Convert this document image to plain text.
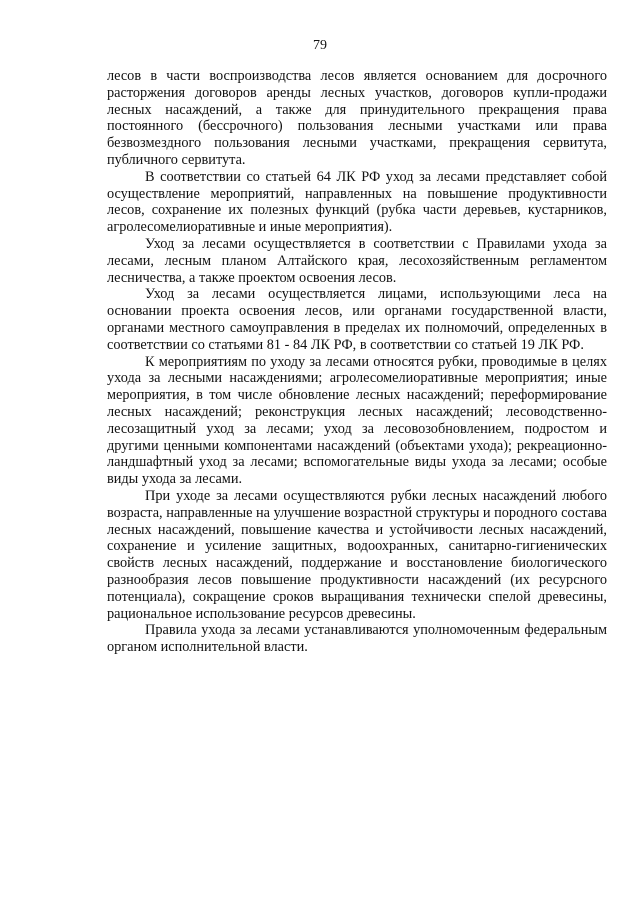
79

лесов в части воспроизводства лесов является основанием для досрочного расторжения договоров аренды лесных участков, договоров купли-продажи лесных насаждений, а также для принудительного прекращения права постоянного (бессрочного) пользования лесными участками или права безвозмездного пользования лесными участками, прекращения сервитута, публичного сервитута.

В соответствии со статьей 64 ЛК РФ уход за лесами представляет собой осуществление мероприятий, направленных на повышение продуктивности лесов, сохранение их полезных функций (рубка части деревьев, кустарников, агролесомелиоративные и иные мероприятия).

Уход за лесами осуществляется в соответствии с Правилами ухода за лесами, лесным планом Алтайского края, лесохозяйственным регламентом лесничества, а также проектом освоения лесов.

Уход за лесами осуществляется лицами, использующими леса на основании проекта освоения лесов, или органами государственной власти, органами местного самоуправления в пределах их полномочий, определенных в соответствии со статьями 81 - 84 ЛК РФ, в соответствии со статьей 19 ЛК РФ.

К мероприятиям по уходу за лесами относятся рубки, проводимые в целях ухода за лесными насаждениями; агролесомелиоративные мероприятия; иные мероприятия, в том числе обновление лесных насаждений; переформирование лесных насаждений; реконструкция лесных насаждений; лесоводственно-лесозащитный уход за лесами; уход за лесовозобновлением, подростом и другими ценными компонентами насаждений (объектами ухода); рекреационно-ландшафтный уход за лесами; вспомогательные виды ухода за лесами; особые виды ухода за лесами.

При уходе за лесами осуществляются рубки лесных насаждений любого возраста, направленные на улучшение возрастной структуры и породного состава лесных насаждений, повышение качества и устойчивости лесных насаждений, сохранение и усиление защитных, водоохранных, санитарно-гигиенических свойств лесных насаждений, поддержание и восстановление биологического разнообразия лесов повышение продуктивности насаждений (их ресурсного потенциала), сокращение сроков выращивания технически спелой древесины, рациональное использование ресурсов древесины.

Правила ухода за лесами устанавливаются уполномоченным федеральным органом исполнительной власти.
